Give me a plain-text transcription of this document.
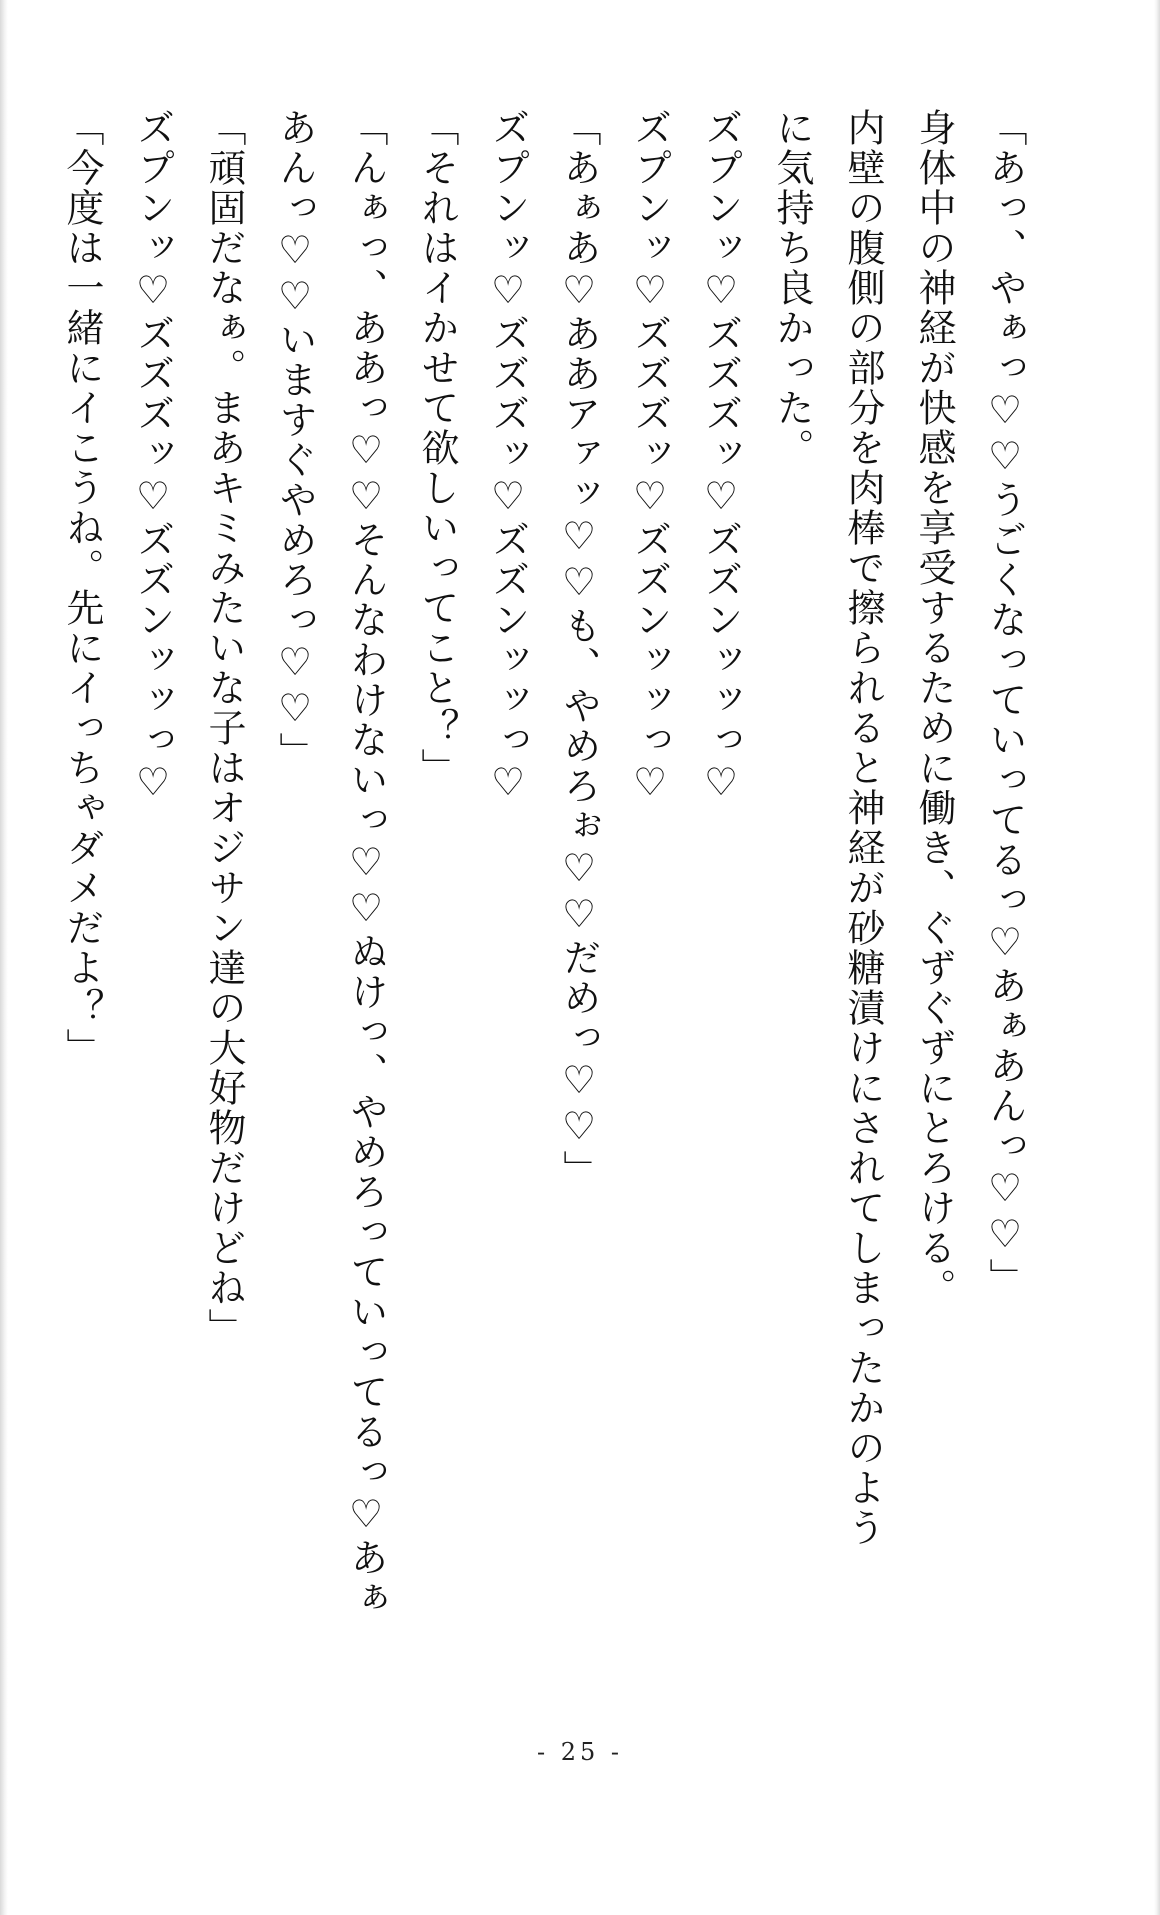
「あっ、やぁっ♡♡うごくなっていってるっ♡あぁあんっ♡♡」
身体中の神経が快感を享受するために働き、ぐずぐずにとろける。
内壁の腹側の部分を肉棒で擦られると神経が砂糖漬けにされてしまったかのよう
に気持ち良かった。
ズプンッ♡ズズズッ♡ズズンッッっ♡
ズプンッ♡ズズズッ♡ズズンッッっ♡
「あぁあ♡ああアァッ♡♡も、やめろぉ♡♡だめっ♡♡」
ズプンッ♡ズズズッ♡ズズンッッっ♡
「それはイかせて欲しいってこと？」
「んぁっ、ああっ♡♡そんなわけないっ♡♡ぬけっ、やめろっていってるっ♡あぁ
あんっ♡♡いますぐやめろっ♡♡」
「頑固だなぁ。まあキミみたいな子はオジサン達の大好物だけどね」
ズプンッ♡ズズズッ♡ズズンッッっ♡
「今度は一緒にイこうね。先にイっちゃダメだよ？」
- 25 -
